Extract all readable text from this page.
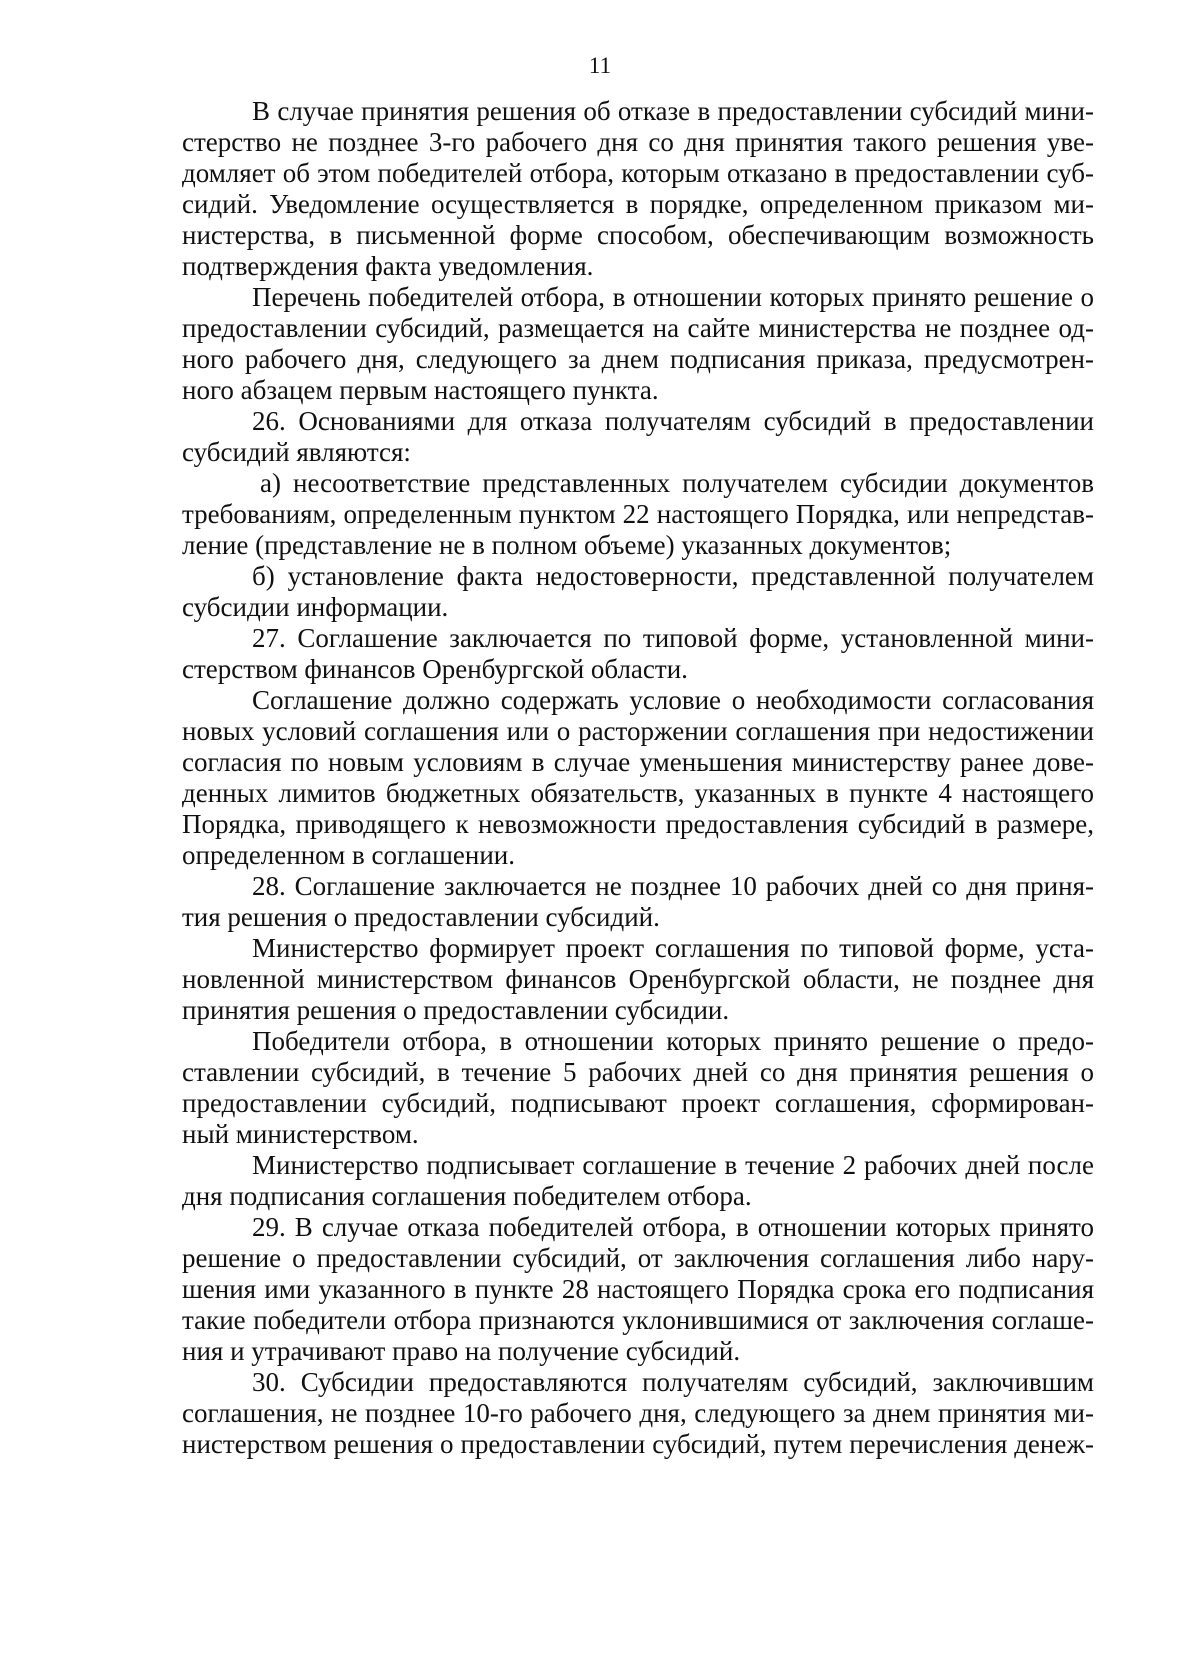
11
В случае принятия решения об отказе в предоставлении субсидий мини-
стерство не позднее 3-го рабочего дня со дня принятия такого решения уве-
домляет об этом победителей отбора, которым отказано в предоставлении суб-
сидий. Уведомление осуществляется в порядке, определенном приказом ми-
нистерства, в письменной форме способом, обеспечивающим возможность
подтверждения факта уведомления.
Перечень победителей отбора, в отношении которых принято решение о
предоставлении субсидий, размещается на сайте министерства не позднее од-
ного рабочего дня, следующего за днем подписания приказа, предусмотрен-
ного абзацем первым настоящего пункта.
26. Основаниями для отказа получателям субсидий в предоставлении
субсидий являются:
а) несоответствие представленных получателем субсидии документов
требованиям, определенным пунктом 22 настоящего Порядка, или непредстав-
ление (представление не в полном объеме) указанных документов;
б) установление факта недостоверности, представленной получателем
субсидии информации.
27. Соглашение заключается по типовой форме, установленной мини-
стерством финансов Оренбургской области.
Соглашение должно содержать условие о необходимости согласования
новых условий соглашения или о расторжении соглашения при недостижении
согласия по новым условиям в случае уменьшения министерству ранее дове-
денных лимитов бюджетных обязательств, указанных в пункте 4 настоящего
Порядка, приводящего к невозможности предоставления субсидий в размере,
определенном в соглашении.
28. Соглашение заключается не позднее 10 рабочих дней со дня приня-
тия решения о предоставлении субсидий.
Министерство формирует проект соглашения по типовой форме, уста-
новленной министерством финансов Оренбургской области, не позднее дня
принятия решения о предоставлении субсидии.
Победители отбора, в отношении которых принято решение о предо-
ставлении субсидий, в течение 5 рабочих дней со дня принятия решения о
предоставлении субсидий, подписывают проект соглашения, сформирован-
ный министерством.
Министерство подписывает соглашение в течение 2 рабочих дней после
дня подписания соглашения победителем отбора.
29. В случае отказа победителей отбора, в отношении которых принято
решение о предоставлении субсидий, от заключения соглашения либо нару-
шения ими указанного в пункте 28 настоящего Порядка срока его подписания
такие победители отбора признаются уклонившимися от заключения соглаше-
ния и утрачивают право на получение субсидий.
30. Субсидии предоставляются получателям субсидий, заключившим
соглашения, не позднее 10-го рабочего дня, следующего за днем принятия ми-
нистерством решения о предоставлении субсидий, путем перечисления денеж-
